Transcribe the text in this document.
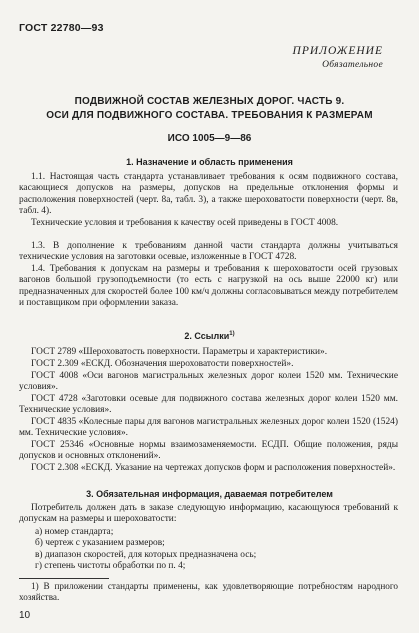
ГОСТ 22780—93
ПРИЛОЖЕНИЕ
Обязательное
ПОДВИЖНОЙ СОСТАВ ЖЕЛЕЗНЫХ ДОРОГ. ЧАСТЬ 9.
ОСИ ДЛЯ ПОДВИЖНОГО СОСТАВА. ТРЕБОВАНИЯ К РАЗМЕРАМ
ИСО 1005—9—86
1. Назначение и область применения
1.1. Настоящая часть стандарта устанавливает требования к осям подвижного состава, касающиеся допусков на размеры, допусков на предельные отклонения формы и расположения поверхностей (черт. 8а, табл. 3), а также шероховатости поверхности (черт. 8в, табл. 4).
Технические условия и требования к качеству осей приведены в ГОСТ 4008.
1.3. В дополнение к требованиям данной части стандарта должны учитываться технические условия на заготовки осевые, изложенные в ГОСТ 4728.
1.4. Требования к допускам на размеры и требования к шероховатости осей грузовых вагонов большой грузоподъемности (то есть с нагрузкой на ось выше 22000 кг) или предназначенных для скоростей более 100 км/ч должны согласовываться между потребителем и поставщиком при оформлении заказа.
2. Ссылки$^{1)}$
ГОСТ 2789 «Шероховатость поверхности. Параметры и характеристики».
ГОСТ 2.309 «ЕСКД. Обозначения шероховатости поверхностей».
ГОСТ 4008 «Оси вагонов магистральных железных дорог колеи 1520 мм. Технические условия».
ГОСТ 4728 «Заготовки осевые для подвижного состава железных дорог колеи 1520 мм. Технические условия».
ГОСТ 4835 «Колесные пары для вагонов магистральных железных дорог колеи 1520 (1524) мм. Технические условия».
ГОСТ 25346 «Основные нормы взаимозаменяемости. ЕСДП. Общие положения, ряды допусков и основных отклонений».
ГОСТ 2.308 «ЕСКД. Указание на чертежах допусков форм и расположения поверхностей».
3. Обязательная информация, даваемая потребителем
Потребитель должен дать в заказе следующую информацию, касающуюся требований к допускам на размеры и шероховатости:
1) В приложении стандарты применены, как удовлетворяющие потребностям народного хозяйства.
10
а) номер стандарта;
б) чертеж с указанием размеров;
в) диапазон скоростей, для которых предназначена ось;
г) степень чистоты обработки по п. 4;
